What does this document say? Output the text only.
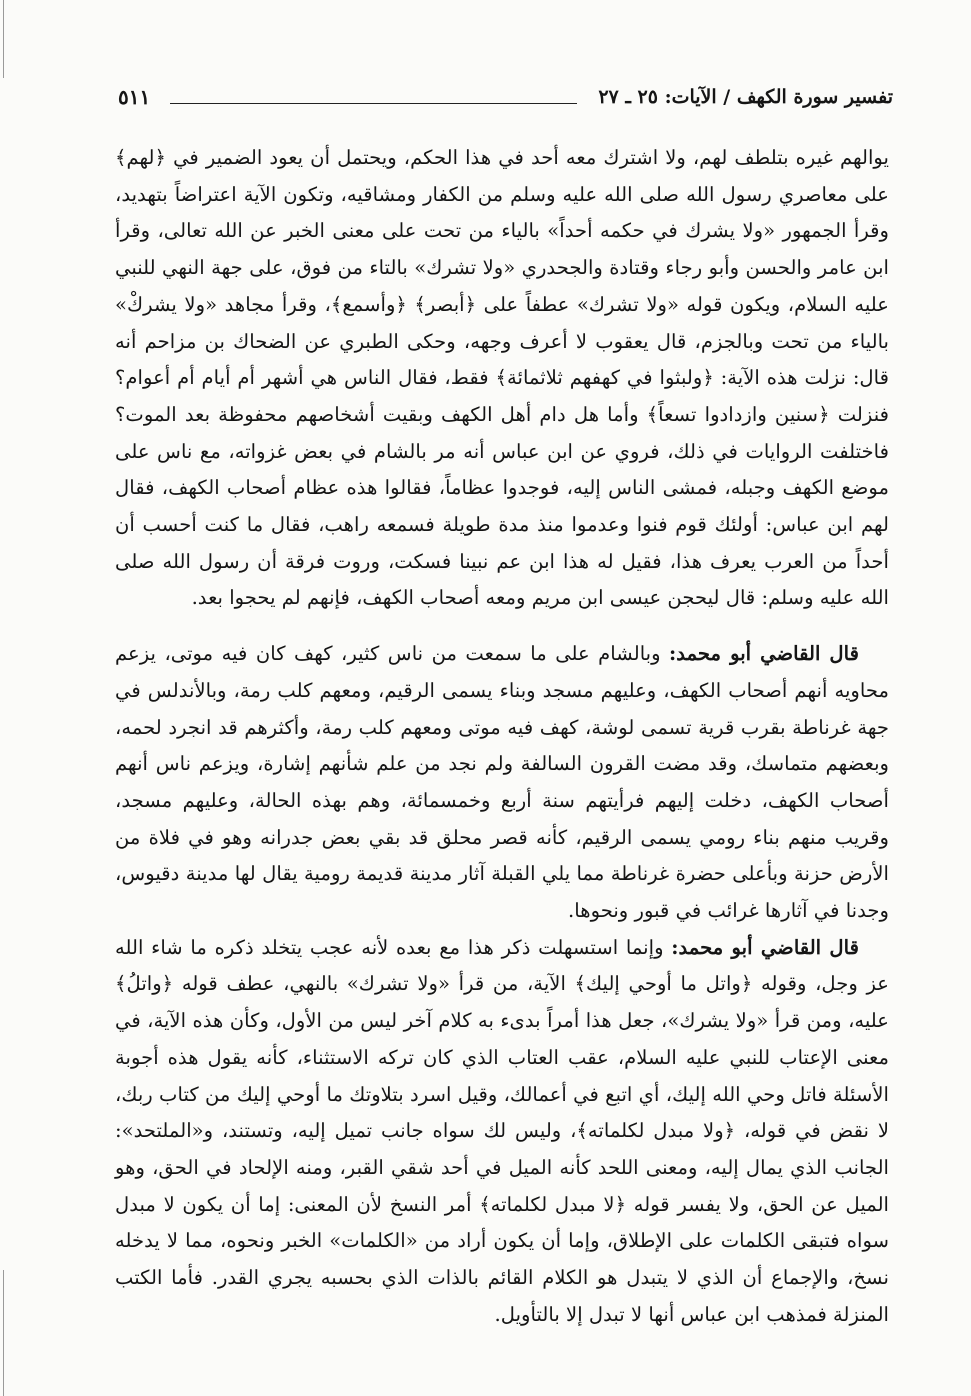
تفسير سورة الكهف / الآيات: ٢٥ ـ ٢٧
٥١١

يوالهم غيره بتلطف لهم، ولا اشترك معه أحد في هذا الحكم، ويحتمل أن يعود الضمير في ﴿لهم﴾ على معاصري رسول الله صلى الله عليه وسلم من الكفار ومشاقيه، وتكون الآية اعتراضاً بتهديد، وقرأ الجمهور «ولا يشرك في حكمه أحداً» بالياء من تحت على معنى الخبر عن الله تعالى، وقرأ ابن عامر والحسن وأبو رجاء وقتادة والجحدري «ولا تشرك» بالتاء من فوق، على جهة النهي للنبي عليه السلام، ويكون قوله «ولا تشرك» عطفاً على ﴿أبصر﴾ ﴿وأسمع﴾، وقرأ مجاهد «ولا يشركْ» بالياء من تحت وبالجزم، قال يعقوب لا أعرف وجهه، وحكى الطبري عن الضحاك بن مزاحم أنه قال: نزلت هذه الآية: ﴿ولبثوا في كهفهم ثلاثمائة﴾ فقط، فقال الناس هي أشهر أم أيام أم أعوام؟ فنزلت ﴿سنين وازدادوا تسعاً﴾ وأما هل دام أهل الكهف وبقيت أشخاصهم محفوظة بعد الموت؟ فاختلفت الروايات في ذلك، فروي عن ابن عباس أنه مر بالشام في بعض غزواته، مع ناس على موضع الكهف وجبله، فمشى الناس إليه، فوجدوا عظاماً، فقالوا هذه عظام أصحاب الكهف، فقال لهم ابن عباس: أولئك قوم فنوا وعدموا منذ مدة طويلة فسمعه راهب، فقال ما كنت أحسب أن أحداً من العرب يعرف هذا، فقيل له هذا ابن عم نبينا فسكت، وروت فرقة أن رسول الله صلى الله عليه وسلم: قال ليحجن عيسى ابن مريم ومعه أصحاب الكهف، فإنهم لم يحجوا بعد.

قال القاضي أبو محمد: وبالشام على ما سمعت من ناس كثير، كهف كان فيه موتى، يزعم محاويه أنهم أصحاب الكهف، وعليهم مسجد وبناء يسمى الرقيم، ومعهم كلب رمة، وبالأندلس في جهة غرناطة بقرب قرية تسمى لوشة، كهف فيه موتى ومعهم كلب رمة، وأكثرهم قد انجرد لحمه، وبعضهم متماسك، وقد مضت القرون السالفة ولم نجد من علم شأنهم إشارة، ويزعم ناس أنهم أصحاب الكهف، دخلت إليهم فرأيتهم سنة أربع وخمسمائة، وهم بهذه الحالة، وعليهم مسجد، وقريب منهم بناء رومي يسمى الرقيم، كأنه قصر محلق قد بقي بعض جدرانه وهو في فلاة من الأرض حزنة وبأعلى حضرة غرناطة مما يلي القبلة آثار مدينة قديمة رومية يقال لها مدينة دقيوس، وجدنا في آثارها غرائب في قبور ونحوها.

قال القاضي أبو محمد: وإنما استسهلت ذكر هذا مع بعده لأنه عجب يتخلد ذكره ما شاء الله عز وجل، وقوله ﴿واتل ما أوحي إليك﴾ الآية، من قرأ «ولا تشرك» بالنهي، عطف قوله ﴿واتلُ﴾ عليه، ومن قرأ «ولا يشرك»، جعل هذا أمراً بدىء به كلام آخر ليس من الأول، وكأن هذه الآية، في معنى الإعتاب للنبي عليه السلام، عقب العتاب الذي كان تركه الاستثناء، كأنه يقول هذه أجوبة الأسئلة فاتل وحي الله إليك، أي اتبع في أعمالك، وقيل اسرد بتلاوتك ما أوحي إليك من كتاب ربك، لا نقض في قوله، ﴿ولا مبدل لكلماته﴾، وليس لك سواه جانب تميل إليه، وتستند، و«الملتحد»: الجانب الذي يمال إليه، ومعنى اللحد كأنه الميل في أحد شقي القبر، ومنه الإلحاد في الحق، وهو الميل عن الحق، ولا يفسر قوله ﴿لا مبدل لكلماته﴾ أمر النسخ لأن المعنى: إما أن يكون لا مبدل سواه فتبقى الكلمات على الإطلاق، وإما أن يكون أراد من «الكلمات» الخبر ونحوه، مما لا يدخله نسخ، والإجماع أن الذي لا يتبدل هو الكلام القائم بالذات الذي بحسبه يجري القدر. فأما الكتب المنزلة فمذهب ابن عباس أنها لا تبدل إلا بالتأويل.
